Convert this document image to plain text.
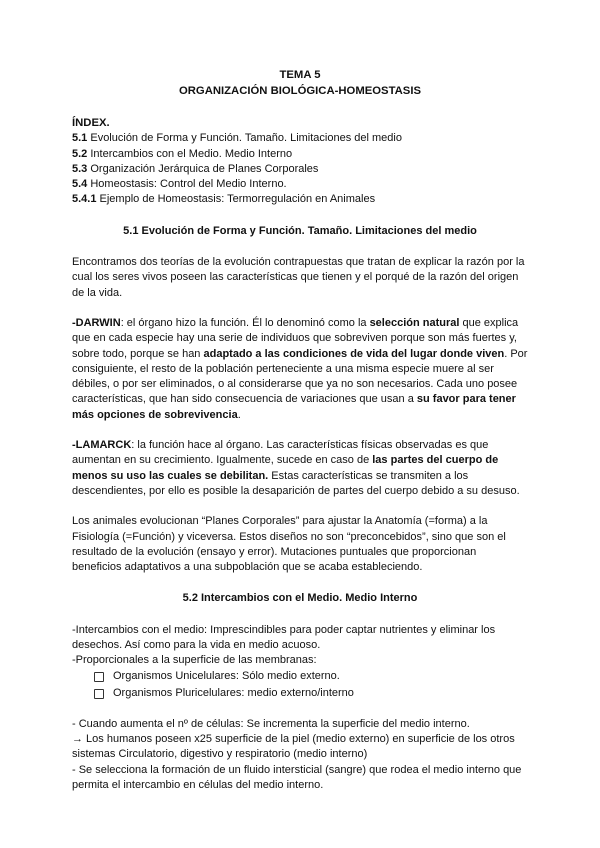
TEMA 5
ORGANIZACIÓN BIOLÓGICA-HOMEOSTASIS
ÍNDEX.
5.1 Evolución de Forma y Función. Tamaño. Limitaciones del medio
5.2 Intercambios con el Medio. Medio Interno
5.3 Organización Jerárquica de Planes Corporales
5.4 Homeostasis: Control del Medio Interno.
5.4.1 Ejemplo de Homeostasis: Termorregulación en Animales
5.1 Evolución de Forma y Función. Tamaño. Limitaciones del medio

Encontramos dos teorías de la evolución contrapuestas que tratan de explicar la razón por la cual los seres vivos poseen las características que tienen y el porqué de la razón del origen de la vida.

-DARWIN: el órgano hizo la función. Él lo denominó como la selección natural que explica que en cada especie hay una serie de individuos que sobreviven porque son más fuertes y, sobre todo, porque se han adaptado a las condiciones de vida del lugar donde viven. Por consiguiente, el resto de la población perteneciente a una misma especie muere al ser débiles, o por ser eliminados, o al considerarse que ya no son necesarios. Cada uno posee características, que han sido consecuencia de variaciones que usan a su favor para tener más opciones de sobrevivencia.

-LAMARCK: la función hace al órgano. Las características físicas observadas es que aumentan en su crecimiento. Igualmente, sucede en caso de las partes del cuerpo de menos su uso las cuales se debilitan. Estas características se transmiten a los descendientes, por ello es posible la desaparición de partes del cuerpo debido a su desuso.

Los animales evolucionan “Planes Corporales” para ajustar la Anatomía (=forma) a la Fisiología (=Función) y viceversa. Estos diseños no son “preconcebidos”, sino que son el resultado de la evolución (ensayo y error). Mutaciones puntuales que proporcionan beneficios adaptativos a una subpoblación que se acaba estableciendo.

5.2 Intercambios con el Medio. Medio Interno

-Intercambios con el medio: Imprescindibles para poder captar nutrientes y eliminar los desechos. Así como para la vida en medio acuoso.

-Proporcionales a la superficie de las membranas:

Organismos Unicelulares: Sólo medio externo.
Organismos Pluricelulares: medio externo/interno

- Cuando aumenta el nº de células: Se incrementa la superficie del medio interno.

→ Los humanos poseen x25 superficie de la piel (medio externo) en superficie de los otros sistemas Circulatorio, digestivo y respiratorio (medio interno)

- Se selecciona la formación de un fluido intersticial (sangre) que rodea el medio interno que permita el intercambio en células del medio interno.
